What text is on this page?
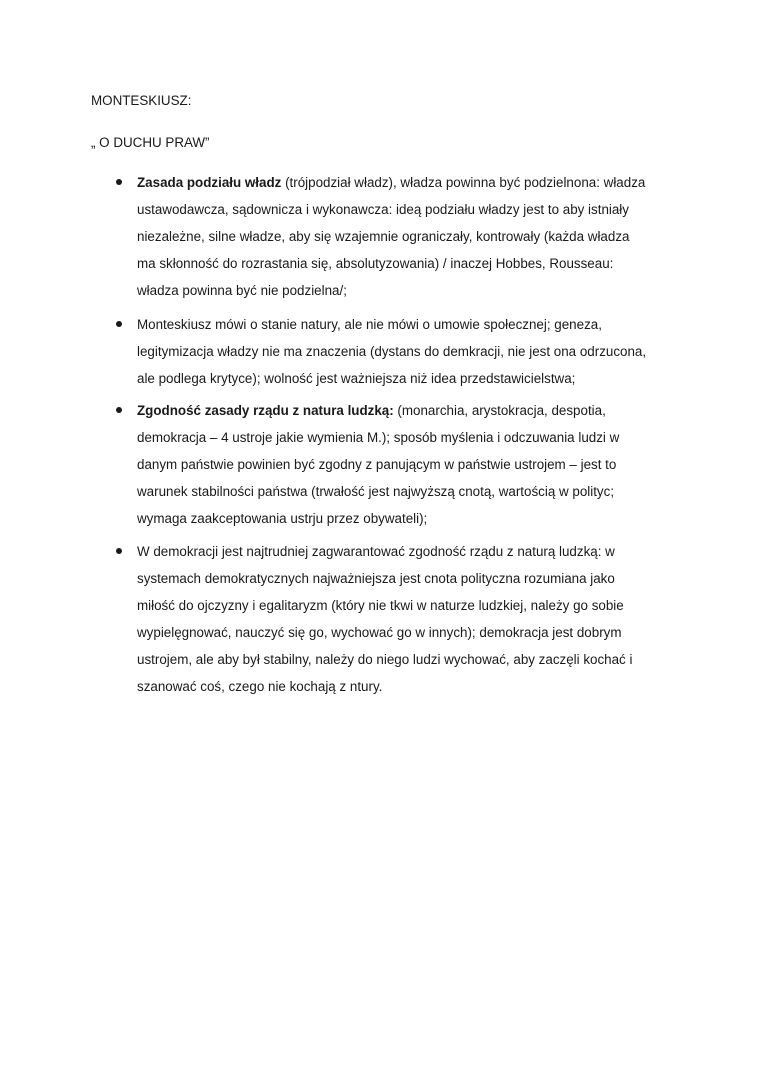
MONTESKIUSZ:
„ O DUCHU PRAW”
Zasada podziału władz (trójpodział władz), władza powinna być podzielnona: władza
ustawodawcza, sądownicza i wykonawcza: ideą podziału władzy jest to aby istniały
niezależne, silne władze, aby się wzajemnie ograniczały, kontrowały (każda władza
ma skłonność do rozrastania się, absolutyzowania) / inaczej Hobbes, Rousseau:
władza powinna być nie podzielna/;
Monteskiusz mówi o stanie natury, ale nie mówi o umowie społecznej; geneza,
legitymizacja władzy nie ma znaczenia (dystans do demkracji, nie jest ona odrzucona,
ale podlega krytyce); wolność jest ważniejsza niż idea przedstawicielstwa;
Zgodność zasady rządu z natura ludzką: (monarchia, arystokracja, despotia,
demokracja – 4 ustroje jakie wymienia M.); sposób myślenia i odczuwania ludzi w
danym państwie powinien być zgodny z panującym w państwie ustrojem – jest to
warunek stabilności państwa (trwałość jest najwyższą cnotą, wartością w polityc;
wymaga zaakceptowania ustrju przez obywateli);
W demokracji jest najtrudniej zagwarantować zgodność rządu z naturą ludzką: w
systemach demokratycznych najważniejsza jest cnota polityczna rozumiana jako
miłość do ojczyzny i egalitaryzm (który nie tkwi w naturze ludzkiej, należy go sobie
wypielęgnować, nauczyć się go, wychować go w innych); demokracja jest dobrym
ustrojem, ale aby był stabilny, należy do niego ludzi wychować, aby zaczęli kochać i
szanować coś, czego nie kochają z ntury.
